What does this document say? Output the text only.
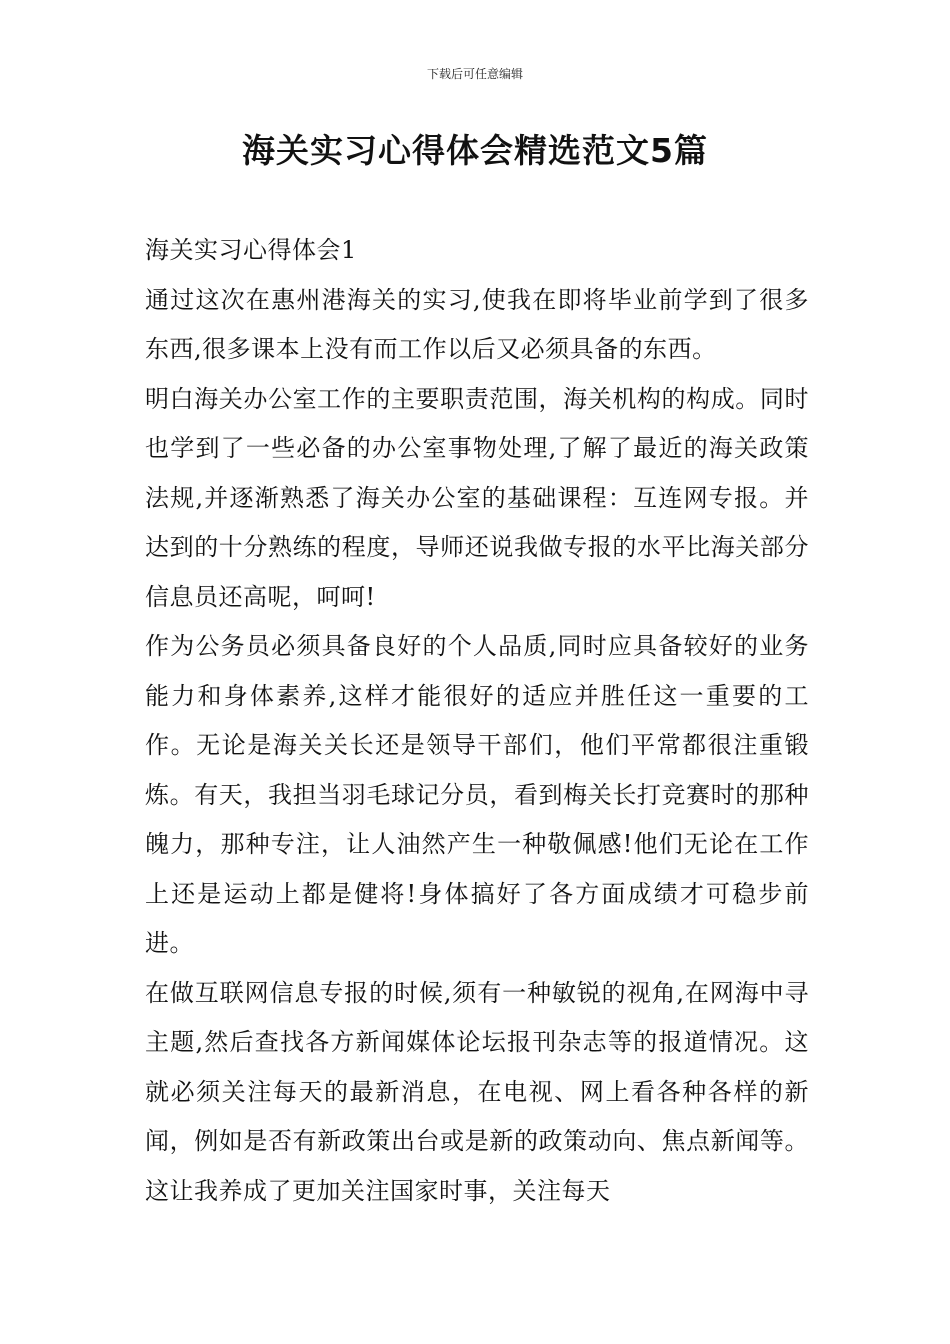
下载后可任意编辑
海关实习心得体会精选范文5篇

海关实习心得体会1

通过这次在惠州港海关的实习,使我在即将毕业前学到了很多东西,很多课本上没有而工作以后又必须具备的东西。

明白海关办公室工作的主要职责范围，海关机构的构成。同时也学到了一些必备的办公室事物处理,了解了最近的海关政策法规,并逐渐熟悉了海关办公室的基础课程：互连网专报。并达到的十分熟练的程度，导师还说我做专报的水平比海关部分信息员还高呢，呵呵!

作为公务员必须具备良好的个人品质,同时应具备较好的业务能力和身体素养,这样才能很好的适应并胜任这一重要的工作。无论是海关关长还是领导干部们，他们平常都很注重锻炼。有天，我担当羽毛球记分员，看到梅关长打竞赛时的那种魄力，那种专注，让人油然产生一种敬佩感!他们无论在工作上还是运动上都是健将!身体搞好了各方面成绩才可稳步前进。

在做互联网信息专报的时候,须有一种敏锐的视角,在网海中寻主题,然后查找各方新闻媒体论坛报刊杂志等的报道情况。这就必须关注每天的最新消息，在电视、网上看各种各样的新闻，例如是否有新政策出台或是新的政策动向、焦点新闻等。这让我养成了更加关注国家时事，关注每天
